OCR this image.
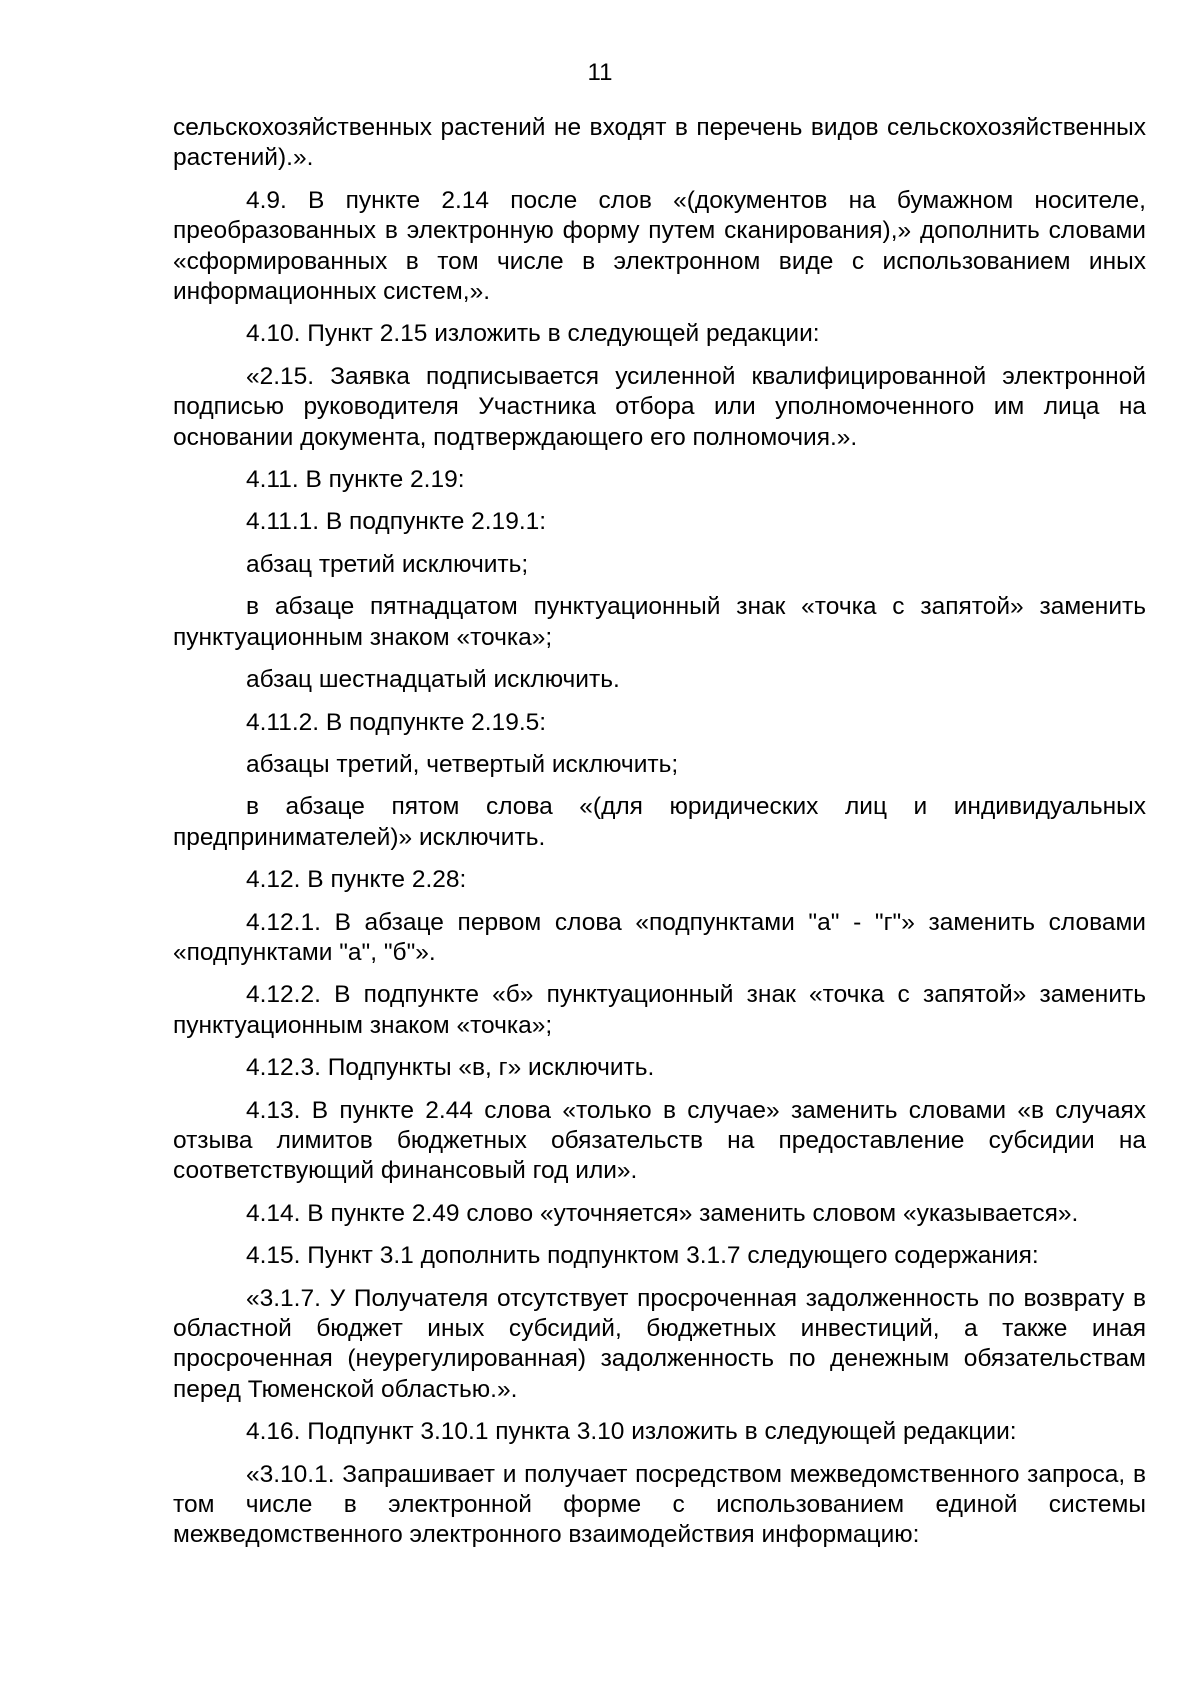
11

сельскохозяйственных растений не входят в перечень видов сельскохозяйственных растений).».

4.9. В пункте 2.14 после слов «(документов на бумажном носителе, преобразованных в электронную форму путем сканирования),» дополнить словами «сформированных в том числе в электронном виде с использованием иных информационных систем,».

4.10. Пункт 2.15 изложить в следующей редакции:

«2.15. Заявка подписывается усиленной квалифицированной электронной подписью руководителя Участника отбора или уполномоченного им лица на основании документа, подтверждающего его полномочия.».

4.11. В пункте 2.19:

4.11.1. В подпункте 2.19.1:

абзац третий исключить;

в абзаце пятнадцатом пунктуационный знак «точка с запятой» заменить пунктуационным знаком «точка»;

абзац шестнадцатый исключить.

4.11.2. В подпункте 2.19.5:

абзацы третий, четвертый исключить;

в абзаце пятом слова «(для юридических лиц и индивидуальных предпринимателей)» исключить.

4.12. В пункте 2.28:

4.12.1. В абзаце первом слова «подпунктами "а" - "г"» заменить словами «подпунктами "а", "б"».

4.12.2. В подпункте «б» пунктуационный знак «точка с запятой» заменить пунктуационным знаком «точка»;

4.12.3. Подпункты «в, г» исключить.

4.13. В пункте 2.44 слова «только в случае» заменить словами «в случаях отзыва лимитов бюджетных обязательств на предоставление субсидии на соответствующий финансовый год или».

4.14. В пункте 2.49 слово «уточняется» заменить словом «указывается».

4.15. Пункт 3.1 дополнить подпунктом 3.1.7 следующего содержания:

«3.1.7. У Получателя отсутствует просроченная задолженность по возврату в областной бюджет иных субсидий, бюджетных инвестиций, а также иная просроченная (неурегулированная) задолженность по денежным обязательствам перед Тюменской областью.».

4.16. Подпункт 3.10.1 пункта 3.10 изложить в следующей редакции:

«3.10.1. Запрашивает и получает посредством межведомственного запроса, в том числе в электронной форме с использованием единой системы межведомственного электронного взаимодействия информацию:
